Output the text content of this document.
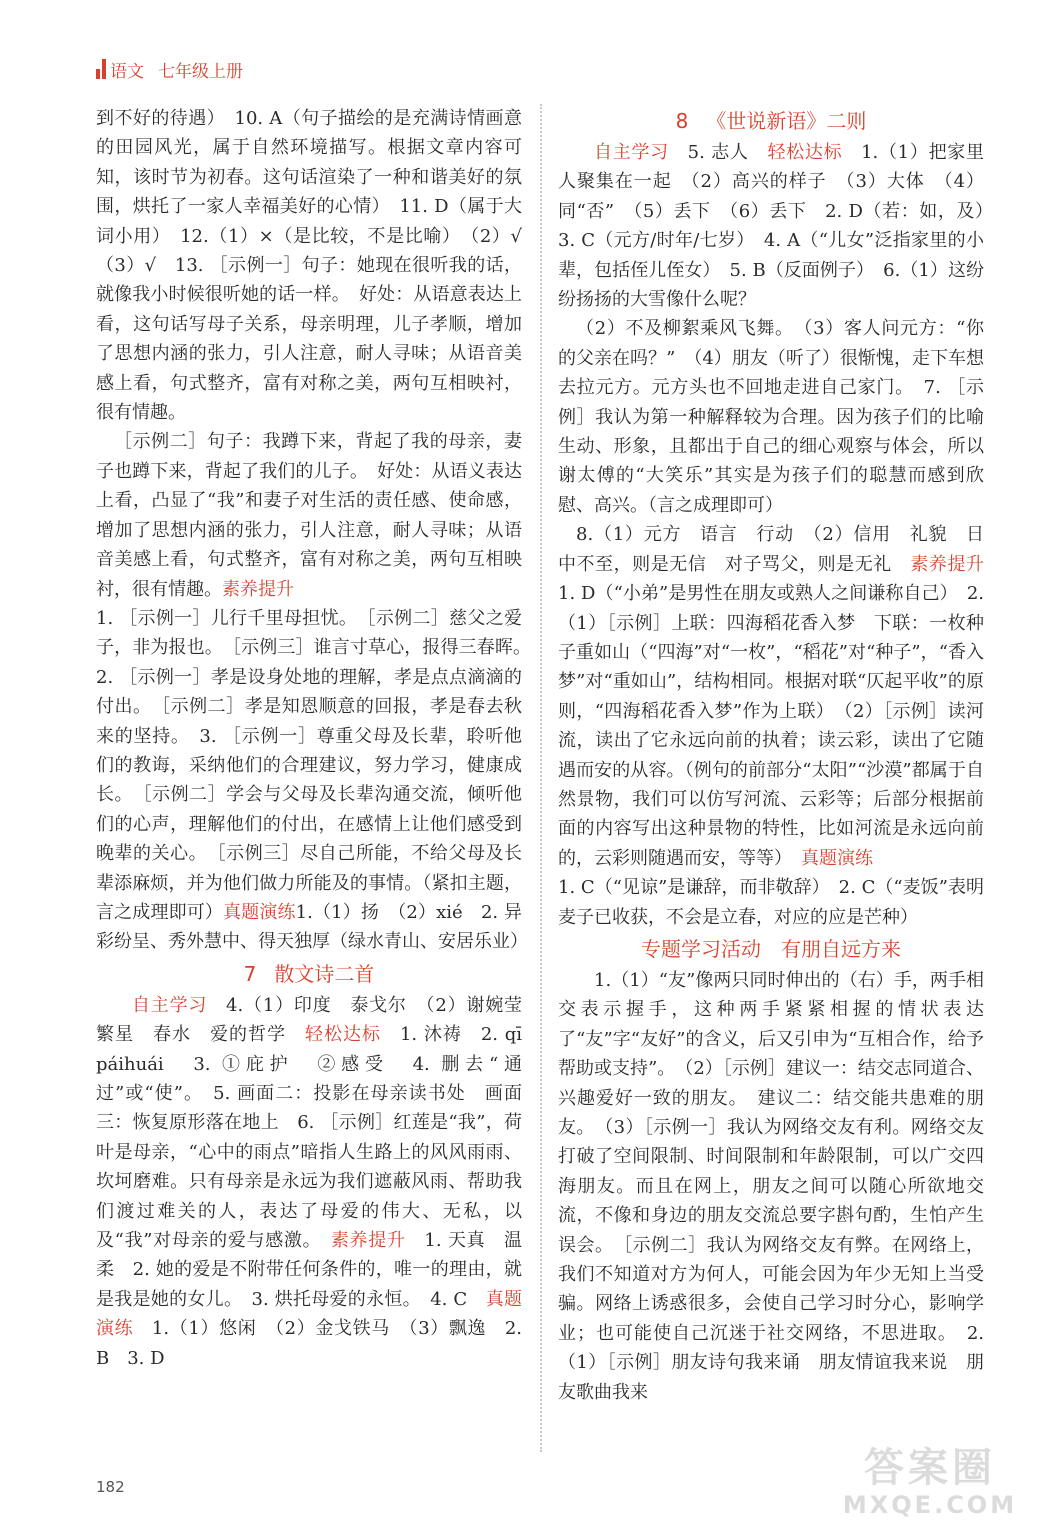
语文 七年级上册

到不好的待遇）　10. A（句子描绘的是充满诗情画意的田园风光，属于自然环境描写。根据文章内容可知，该时节为初春。这句话渲染了一种和谐美好的氛围，烘托了一家人幸福美好的心情）　11. D（属于大词小用）　12.（1）×（是比较，不是比喻）　（2）√　（3）√　13. ［示例一］句子：她现在很听我的话，就像我小时候很听她的话一样。　好处：从语意表达上看，这句话写母子关系，母亲明理，儿子孝顺，增加了思想内涵的张力，引人注意，耐人寻味；从语音美感上看，句式整齐，富有对称之美，两句互相映衬，很有情趣。

［示例二］句子：我蹲下来，背起了我的母亲，妻子也蹲下来，背起了我们的儿子。　好处：从语义表达上看，凸显了“我”和妻子对生活的责任感、使命感，增加了思想内涵的张力，引人注意，耐人寻味；从语音美感上看，句式整齐，富有对称之美，两句互相映衬，很有情趣。素养提升
1. ［示例一］儿行千里母担忧。　［示例二］慈父之爱子，非为报也。　［示例三］谁言寸草心，报得三春晖。　2. ［示例一］孝是设身处地的理解，孝是点点滴滴的付出。　［示例二］孝是知恩顺意的回报，孝是春去秋来的坚持。　3. ［示例一］尊重父母及长辈，聆听他们的教诲，采纳他们的合理建议，努力学习，健康成长。　［示例二］学会与父母及长辈沟通交流，倾听他们的心声，理解他们的付出，在感情上让他们感受到晚辈的关心。　［示例三］尽自己所能，不给父母及长辈添麻烦，并为他们做力所能及的事情。（紧扣主题，言之成理即可）真题演练1.（1）扬　（2）xié　2. 异彩纷呈、秀外慧中、得天独厚（绿水青山、安居乐业）

7 散文诗二首

自主学习　 4.（1）印度　泰戈尔　（2）谢婉莹　繁星　春水　爱的哲学　 轻松达标　 1. 沐祷　2. qī　páihuái　3. ①庇护　②感受　4. 删去“通过”或“使”。　5. 画面二：投影在母亲读书处　画面三：恢复原形落在地上　6. ［示例］红莲是“我”，荷叶是母亲，“心中的雨点”暗指人生路上的风风雨雨、坎坷磨难。只有母亲是永远为我们遮蔽风雨、帮助我们渡过难关的人，表达了母爱的伟大、无私，以及“我”对母亲的爱与感激。　 素养提升　 1. 天真　温柔　2. 她的爱是不附带任何条件的，唯一的理由，就是我是她的女儿。　3. 烘托母爱的永恒。　4. C　 真题演练　 1.（1）悠闲　（2）金戈铁马　（3）飘逸　2. B　3. D

8 《世说新语》二则

自主学习　 5. 志人　 轻松达标　 1.（1）把家里人聚集在一起　（2）高兴的样子　（3）大体　（4）同“否”　（5）丢下　（6）丢下　2. D（若：如，及）　3. C（元方/时年/七岁）　4. A（“儿女”泛指家里的小辈，包括侄儿侄女）　5. B（反面例子）　6.（1）这纷纷扬扬的大雪像什么呢？

（2）不及柳絮乘风飞舞。　（3）客人问元方：“你的父亲在吗？”　（4）朋友（听了）很惭愧，走下车想去拉元方。元方头也不回地走进自己家门。　7. ［示例］我认为第一种解释较为合理。因为孩子们的比喻生动、形象，且都出于自己的细心观察与体会，所以谢太傅的“大笑乐”其实是为孩子们的聪慧而感到欣慰、高兴。（言之成理即可）

8.（1）元方　语言　行动　（2）信用　礼貌　日中不至，则是无信　对子骂父，则是无礼　 素养提升　1. D（“小弟”是男性在朋友或熟人之间谦称自己）　2.（1）［示例］上联：四海稻花香入梦　下联：一枚种子重如山（“四海”对“一枚”，“稻花”对“种子”，“香入梦”对“重如山”，结构相同。根据对联“仄起平收”的原则，“四海稻花香入梦”作为上联）　（2）［示例］读河流，读出了它永远向前的执着；读云彩，读出了它随遇而安的从容。（例句的前部分“太阳”“沙漠”都属于自然景物，我们可以仿写河流、云彩等；后部分根据前面的内容写出这种景物的特性，比如河流是永远向前的，云彩则随遇而安，等等）　 真题演练
1. C（“见谅”是谦辞，而非敬辞）　2. C（“麦饭”表明麦子已收获，不会是立春，对应的应是芒种）

专题学习活动　有朋自远方来

1.（1）“友”像两只同时伸出的（右）手，两手相交表示握手，这种两手紧紧相握的情状表达了“友”字“友好”的含义，后又引申为“互相合作，给予帮助或支持”。　（2）［示例］建议一：结交志同道合、兴趣爱好一致的朋友。　建议二：结交能共患难的朋友。　（3）［示例一］我认为网络交友有利。网络交友打破了空间限制、时间限制和年龄限制，可以广交四海朋友。而且在网上，朋友之间可以随心所欲地交流，不像和身边的朋友交流总要字斟句酌，生怕产生误会。　［示例二］我认为网络交友有弊。在网络上，我们不知道对方为何人，可能会因为年少无知上当受骗。网络上诱惑很多，会使自己学习时分心，影响学业；也可能使自己沉迷于社交网络，不思进取。　2.（1）［示例］朋友诗句我来诵　朋友情谊我来说　朋友歌曲我来

182	答案圈
MXQE.COM
